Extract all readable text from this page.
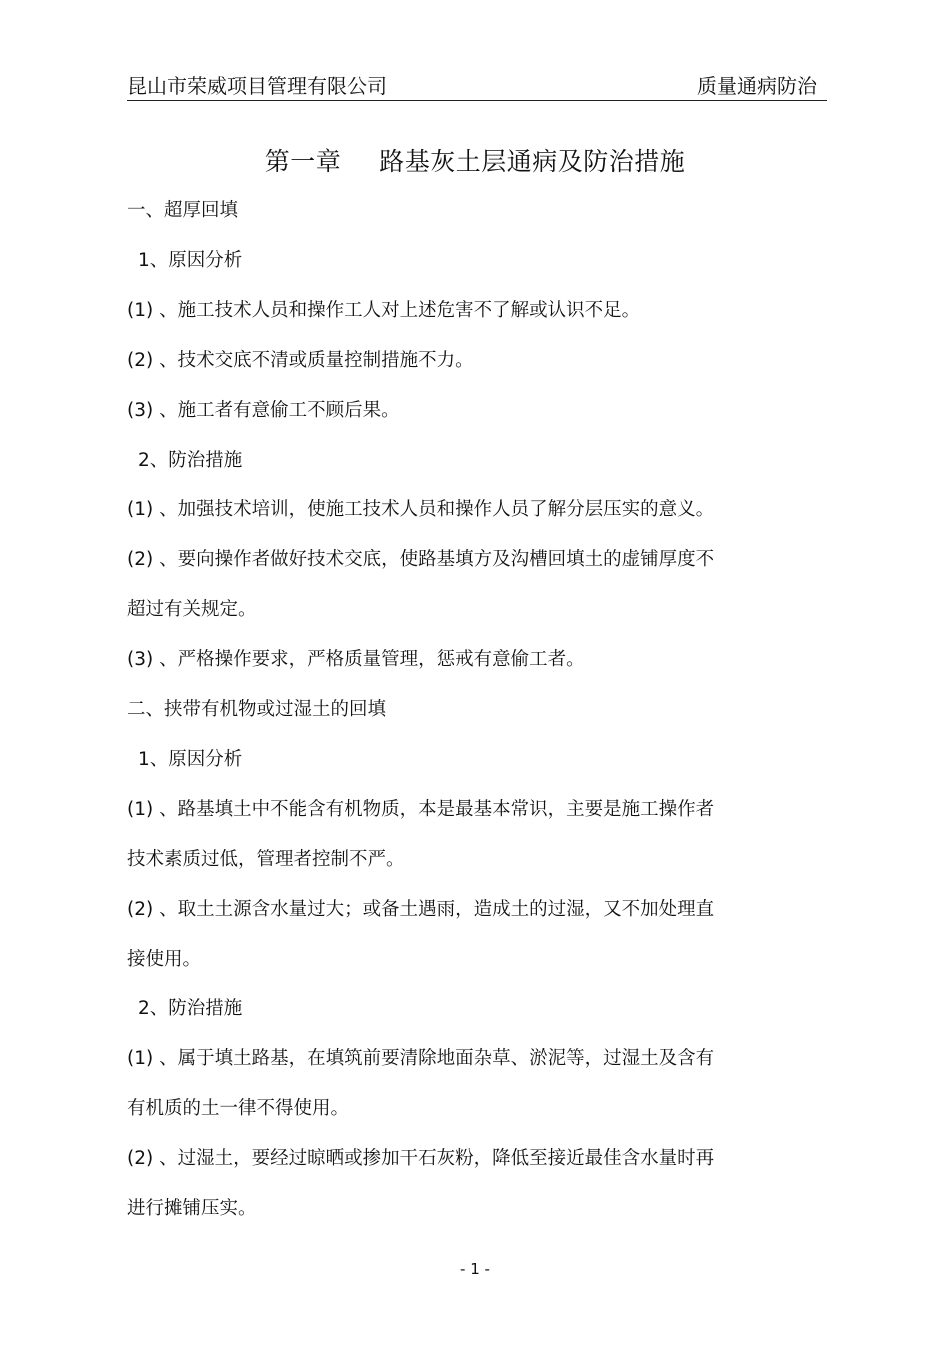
昆山市荣威项目管理有限公司	质量通病防治
第一章 路基灰土层通病及防治措施
一、超厚回填
1、原因分析
(1) 、施工技术人员和操作工人对上述危害不了解或认识不足。
(2) 、技术交底不清或质量控制措施不力。
(3) 、施工者有意偷工不顾后果。
2、防治措施
(1) 、加强技术培训，使施工技术人员和操作人员了解分层压实的意义。
(2) 、要向操作者做好技术交底，使路基填方及沟槽回填土的虚铺厚度不
超过有关规定。
(3) 、严格操作要求，严格质量管理，惩戒有意偷工者。
二、挟带有机物或过湿土的回填
1、原因分析
(1) 、路基填土中不能含有机物质，本是最基本常识，主要是施工操作者
技术素质过低，管理者控制不严。
(2) 、取土土源含水量过大；或备土遇雨，造成土的过湿，又不加处理直
接使用。
2、防治措施
(1) 、属于填土路基，在填筑前要清除地面杂草、淤泥等，过湿土及含有
有机质的土一律不得使用。
(2) 、过湿土，要经过晾晒或掺加干石灰粉，降低至接近最佳含水量时再
进行摊铺压实。
- 1 -
